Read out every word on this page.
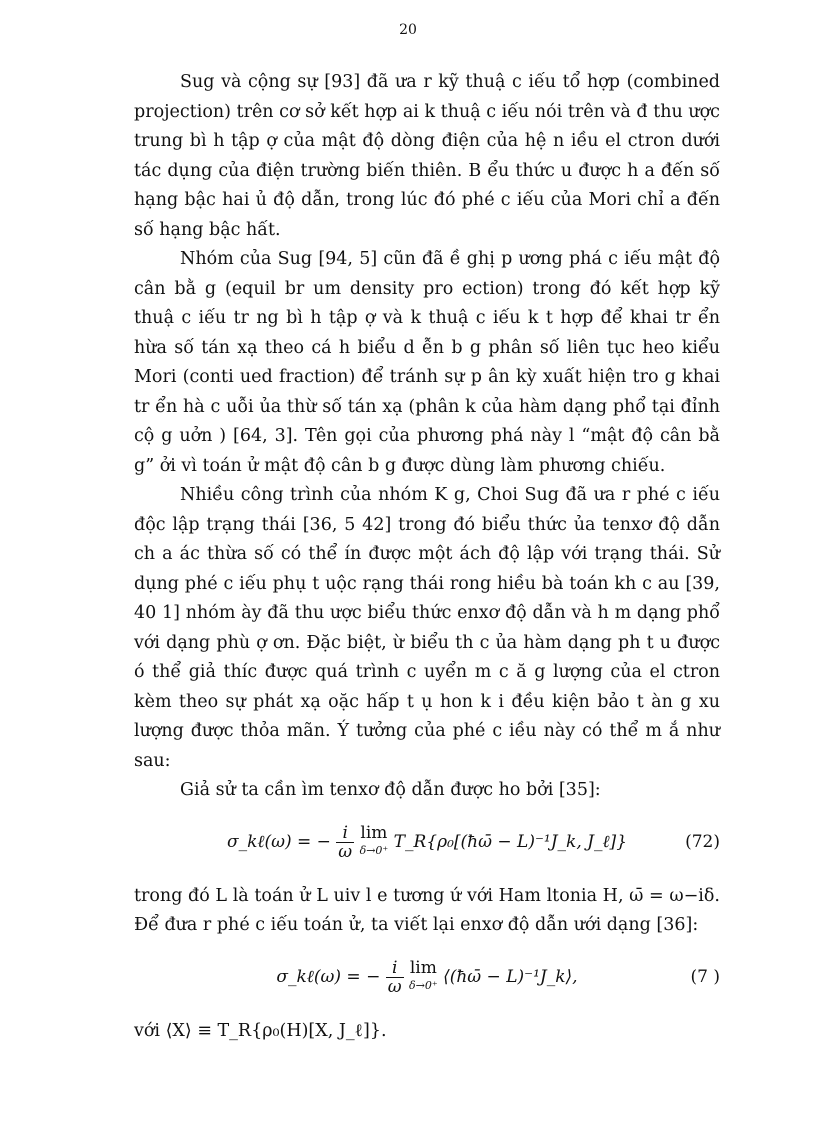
20

Sug và cộng sự [93] đã ưa r kỹ thuậ c iếu tổ hợp (combined projection) trên cơ sở kết hợp ai k thuậ c iếu nói trên và đ thu ược trung bì h tập ợ của mật độ dòng điện của hệ n iều el ctron dưới tác dụng của điện trường biến thiên. B ểu thức u được h a đến số hạng bậc hai ủ độ dẫn, trong lúc đó phé c iếu của Mori chỉ a đến số hạng bậc hất.

Nhóm của Sug [94, 5] cũn đã ề ghị p ương phá c iếu mật độ cân bằ g (equil br um density pro ection) trong đó kết hợp kỹ thuậ c iếu tr ng bì h tập ợ và k thuậ c iếu k t hợp để khai tr ển hừa số tán xạ theo cá h biểu d ễn b g phân số liên tục heo kiểu Mori (conti ued fraction) để tránh sự p ân kỳ xuất hiện tro g khai tr ển hà c uỗi ủa thừ số tán xạ (phân k của hàm dạng phổ tại đỉnh cộ g uởn ) [64, 3]. Tên gọi của phương phá này l “mật độ cân bằ g” ởi vì toán ử mật độ cân b g được dùng làm phương chiếu.

Nhiều công trình của nhóm K g, Choi Sug đã ưa r phé c iếu độc lập trạng thái [36, 5 42] trong đó biểu thức ủa tenxơ độ dẫn ch a ác thừa số có thể ín được một ách độ lập với trạng thái. Sử dụng phé c iếu phụ t uộc rạng thái rong hiều bà toán kh c au [39, 40 1] nhóm ày đã thu ược biểu thức enxơ độ dẫn và h m dạng phổ với dạng phù ợ ơn. Đặc biệt, ừ biểu th c ủa hàm dạng ph t u được ó thể giả thíc được quá trình c uyển m c ă g lượng của el ctron kèm theo sự phát xạ oặc hấp t ụ hon k i đều kiện bảo t àn g xu lượng được thỏa mãn. Ý tưởng của phé c iều này có thể m ắ như sau:

Giả sử ta cần ìm tenxơ độ dẫn được ho bởi [35]:

σ_kℓ(ω) = − $\frac{i}{\omega}$ lim
δ→0⁺ T_R{ρ₀[(ħω̄ − L)⁻¹J_k, J_ℓ]}	(72)

trong đó L là toán ử L uiv l e tương ứ với Ham ltonia H, ω̄ = ω−iδ. Để đưa r phé c iếu toán ử, ta viết lại enxơ độ dẫn ưới dạng [36]:

σ_kℓ(ω) = − $\frac{i}{\omega}$ lim
δ→0⁺ ⟨(ħω̄ − L)⁻¹J_k⟩,	(7 )

với ⟨X⟩ ≡ T_R{ρ₀(H)[X, J_ℓ]}.
